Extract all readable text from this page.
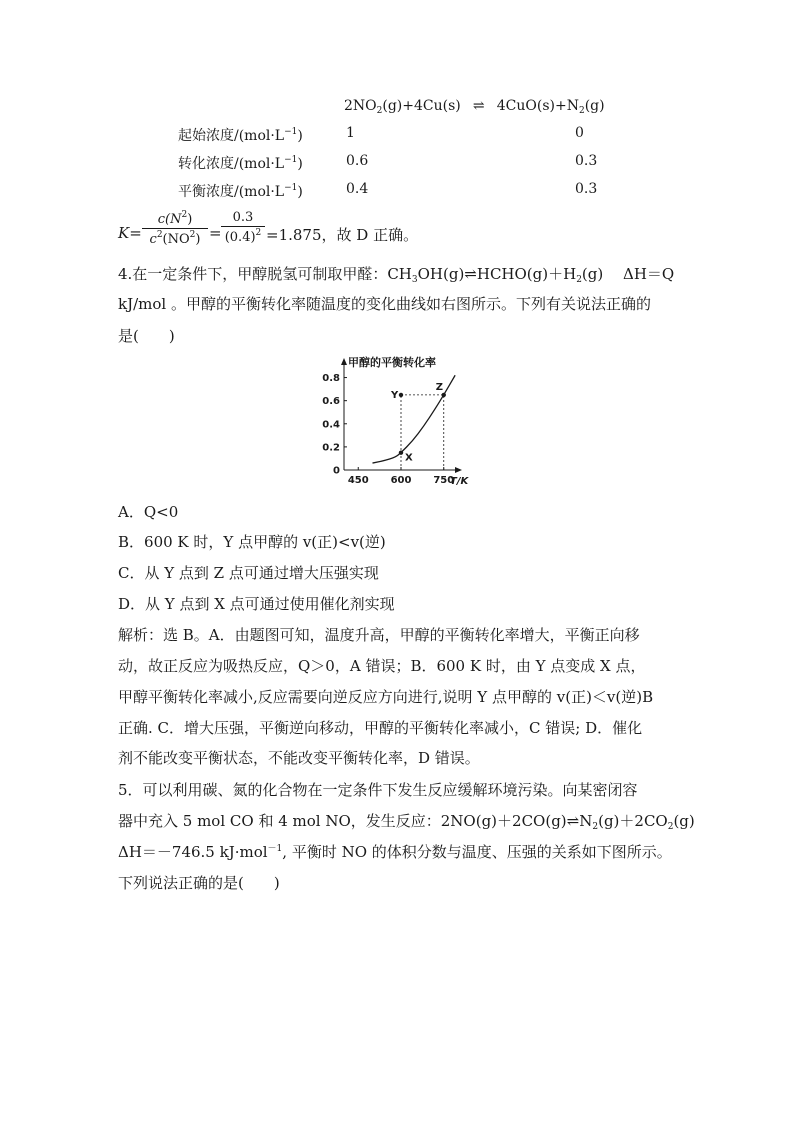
$2NO_2(g)+4Cu(s)$ ⇌ $4CuO(s)+N_2(g)$
起始浓度$/(mol\cdot L^{-1})$	1	0
转化浓度$/(mol\cdot L^{-1})$	0.6	0.3
平衡浓度$/(mol\cdot L^{-1})$	0.4	0.3
K=
$c(N^2)$
$c^2(NO^2)$ =
0.3
$(0.4)^2 =1.875$，故 D 正确。
4.在一定条件下，甲醇脱氢可制取甲醛：$CH_3OH(g)\rightleftharpoons HCHO(g)+H_2(g)$　 ΔH＝Q
kJ/mol 。甲醇的平衡转化率随温度的变化曲线如右图所示。下列有关说法正确的
是(　　)
甲醇的平衡转化率
T/K
0
0.2
0.4
0.6
0.8
450 600 750
Y
Z
X
A．Q<0
B．600 K 时，Y 点甲醇的 v(正)<v(逆)
C．从 Y 点到 Z 点可通过增大压强实现
D．从 Y 点到 X 点可通过使用催化剂实现
解析：选 B。A．由题图可知，温度升高，甲醇的平衡转化率增大，平衡正向移
动，故正反应为吸热反应，Q＞0，A 错误；B．600 K 时，由 Y 点变成 X 点，
甲醇平衡转化率减小,反应需要向逆反应方向进行,说明 Y 点甲醇的 v(正)＜v(逆)B
正确. C．增大压强，平衡逆向移动，甲醇的平衡转化率减小，C 错误; D．催化
剂不能改变平衡状态，不能改变平衡转化率，D 错误。
5．可以利用碳、氮的化合物在一定条件下发生反应缓解环境污染。向某密闭容
器中充入 5 mol CO 和 4 mol NO，发生反应：$2NO(g)+2CO(g)\rightleftharpoons N_2(g)+2CO_2(g)$
ΔH＝－746.5 kJ·mol$^{-1}$, 平衡时 NO 的体积分数与温度、压强的关系如下图所示。
下列说法正确的是(　　)
